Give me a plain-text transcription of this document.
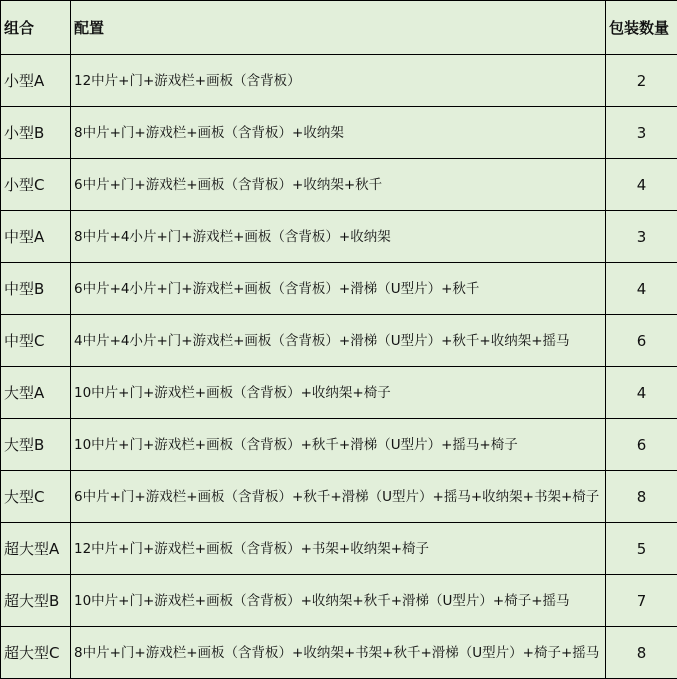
组合	配置	包装数量
小型A	12中片+门+游戏栏+画板（含背板）	2
小型B	8中片+门+游戏栏+画板（含背板）+收纳架	3
小型C	6中片+门+游戏栏+画板（含背板）+收纳架+秋千	4
中型A	8中片+4小片+门+游戏栏+画板（含背板）+收纳架	3
中型B	6中片+4小片+门+游戏栏+画板（含背板）+滑梯（U型片）+秋千	4
中型C	4中片+4小片+门+游戏栏+画板（含背板）+滑梯（U型片）+秋千+收纳架+摇马	6
大型A	10中片+门+游戏栏+画板（含背板）+收纳架+椅子	4
大型B	10中片+门+游戏栏+画板（含背板）+秋千+滑梯（U型片）+摇马+椅子	6
大型C	6中片+门+游戏栏+画板（含背板）+秋千+滑梯（U型片）+摇马+收纳架+书架+椅子	8
超大型A	12中片+门+游戏栏+画板（含背板）+书架+收纳架+椅子	5
超大型B	10中片+门+游戏栏+画板（含背板）+收纳架+秋千+滑梯（U型片）+椅子+摇马	7
超大型C	8中片+门+游戏栏+画板（含背板）+收纳架+书架+秋千+滑梯（U型片）+椅子+摇马	8
